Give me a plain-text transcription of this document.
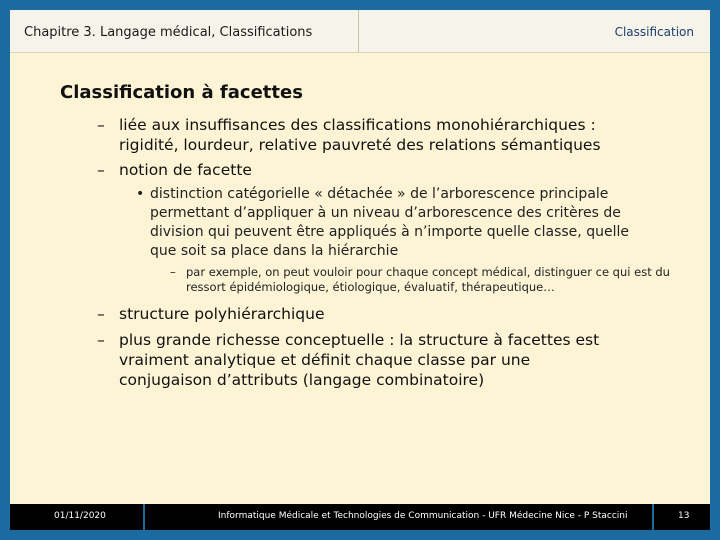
Chapitre 3. Langage médical, Classifications	Classification
Classification à facettes
– liée aux insuffisances des classifications monohiérarchiques : rigidité, lourdeur, relative pauvreté des relations sémantiques
– notion de facette
• distinction catégorielle « détachée » de l’arborescence principale permettant d’appliquer à un niveau d’arborescence des critères de division qui peuvent être appliqués à n’importe quelle classe, quelle que soit sa place dans la hiérarchie
– par exemple, on peut vouloir pour chaque concept médical, distinguer ce qui est du ressort épidémiologique, étiologique, évaluatif, thérapeutique…
– structure polyhiérarchique
– plus grande richesse conceptuelle : la structure à facettes est vraiment analytique et définit chaque classe par une conjugaison d’attributs (langage combinatoire)
01/11/2020	Informatique Médicale et Technologies de Communication - UFR Médecine Nice - P Staccini	13
